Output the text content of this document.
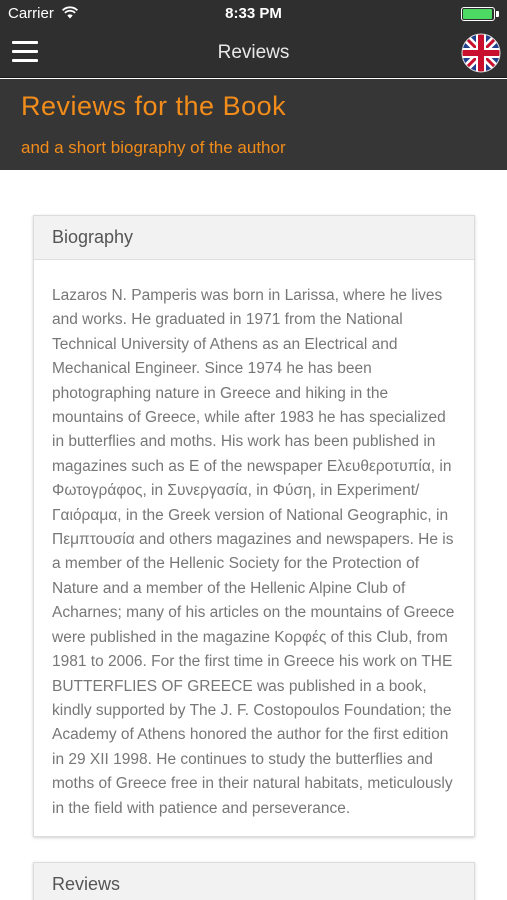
Carrier	8:33 PM
Reviews
Reviews for the Book
and a short biography of the author
Biography
Lazaros N. Pamperis was born in Larissa, where he lives and works. He graduated in 1971 from the National Technical University of Athens as an Electrical and Mechanical Engineer. Since 1974 he has been photographing nature in Greece and hiking in the mountains of Greece, while after 1983 he has specialized in butterflies and moths. His work has been published in magazines such as E of the newspaper Ελευθεροτυπία, in Φωτογράφος, in Συνεργασία, in Φύση, in Experiment/Γαιόραμα, in the Greek version of National Geographic, in Πεμπτουσία and others magazines and newspapers. He is a member of the Hellenic Society for the Protection of Nature and a member of the Hellenic Alpine Club of Acharnes; many of his articles on the mountains of Greece were published in the magazine Κορφές of this Club, from 1981 to 2006. For the first time in Greece his work on THE BUTTERFLIES OF GREECE was published in a book, kindly supported by The J. F. Costopoulos Foundation; the Academy of Athens honored the author for the first edition in 29 XII 1998. He continues to study the butterflies and moths of Greece free in their natural habitats, meticulously in the field with patience and perseverance.
Reviews
